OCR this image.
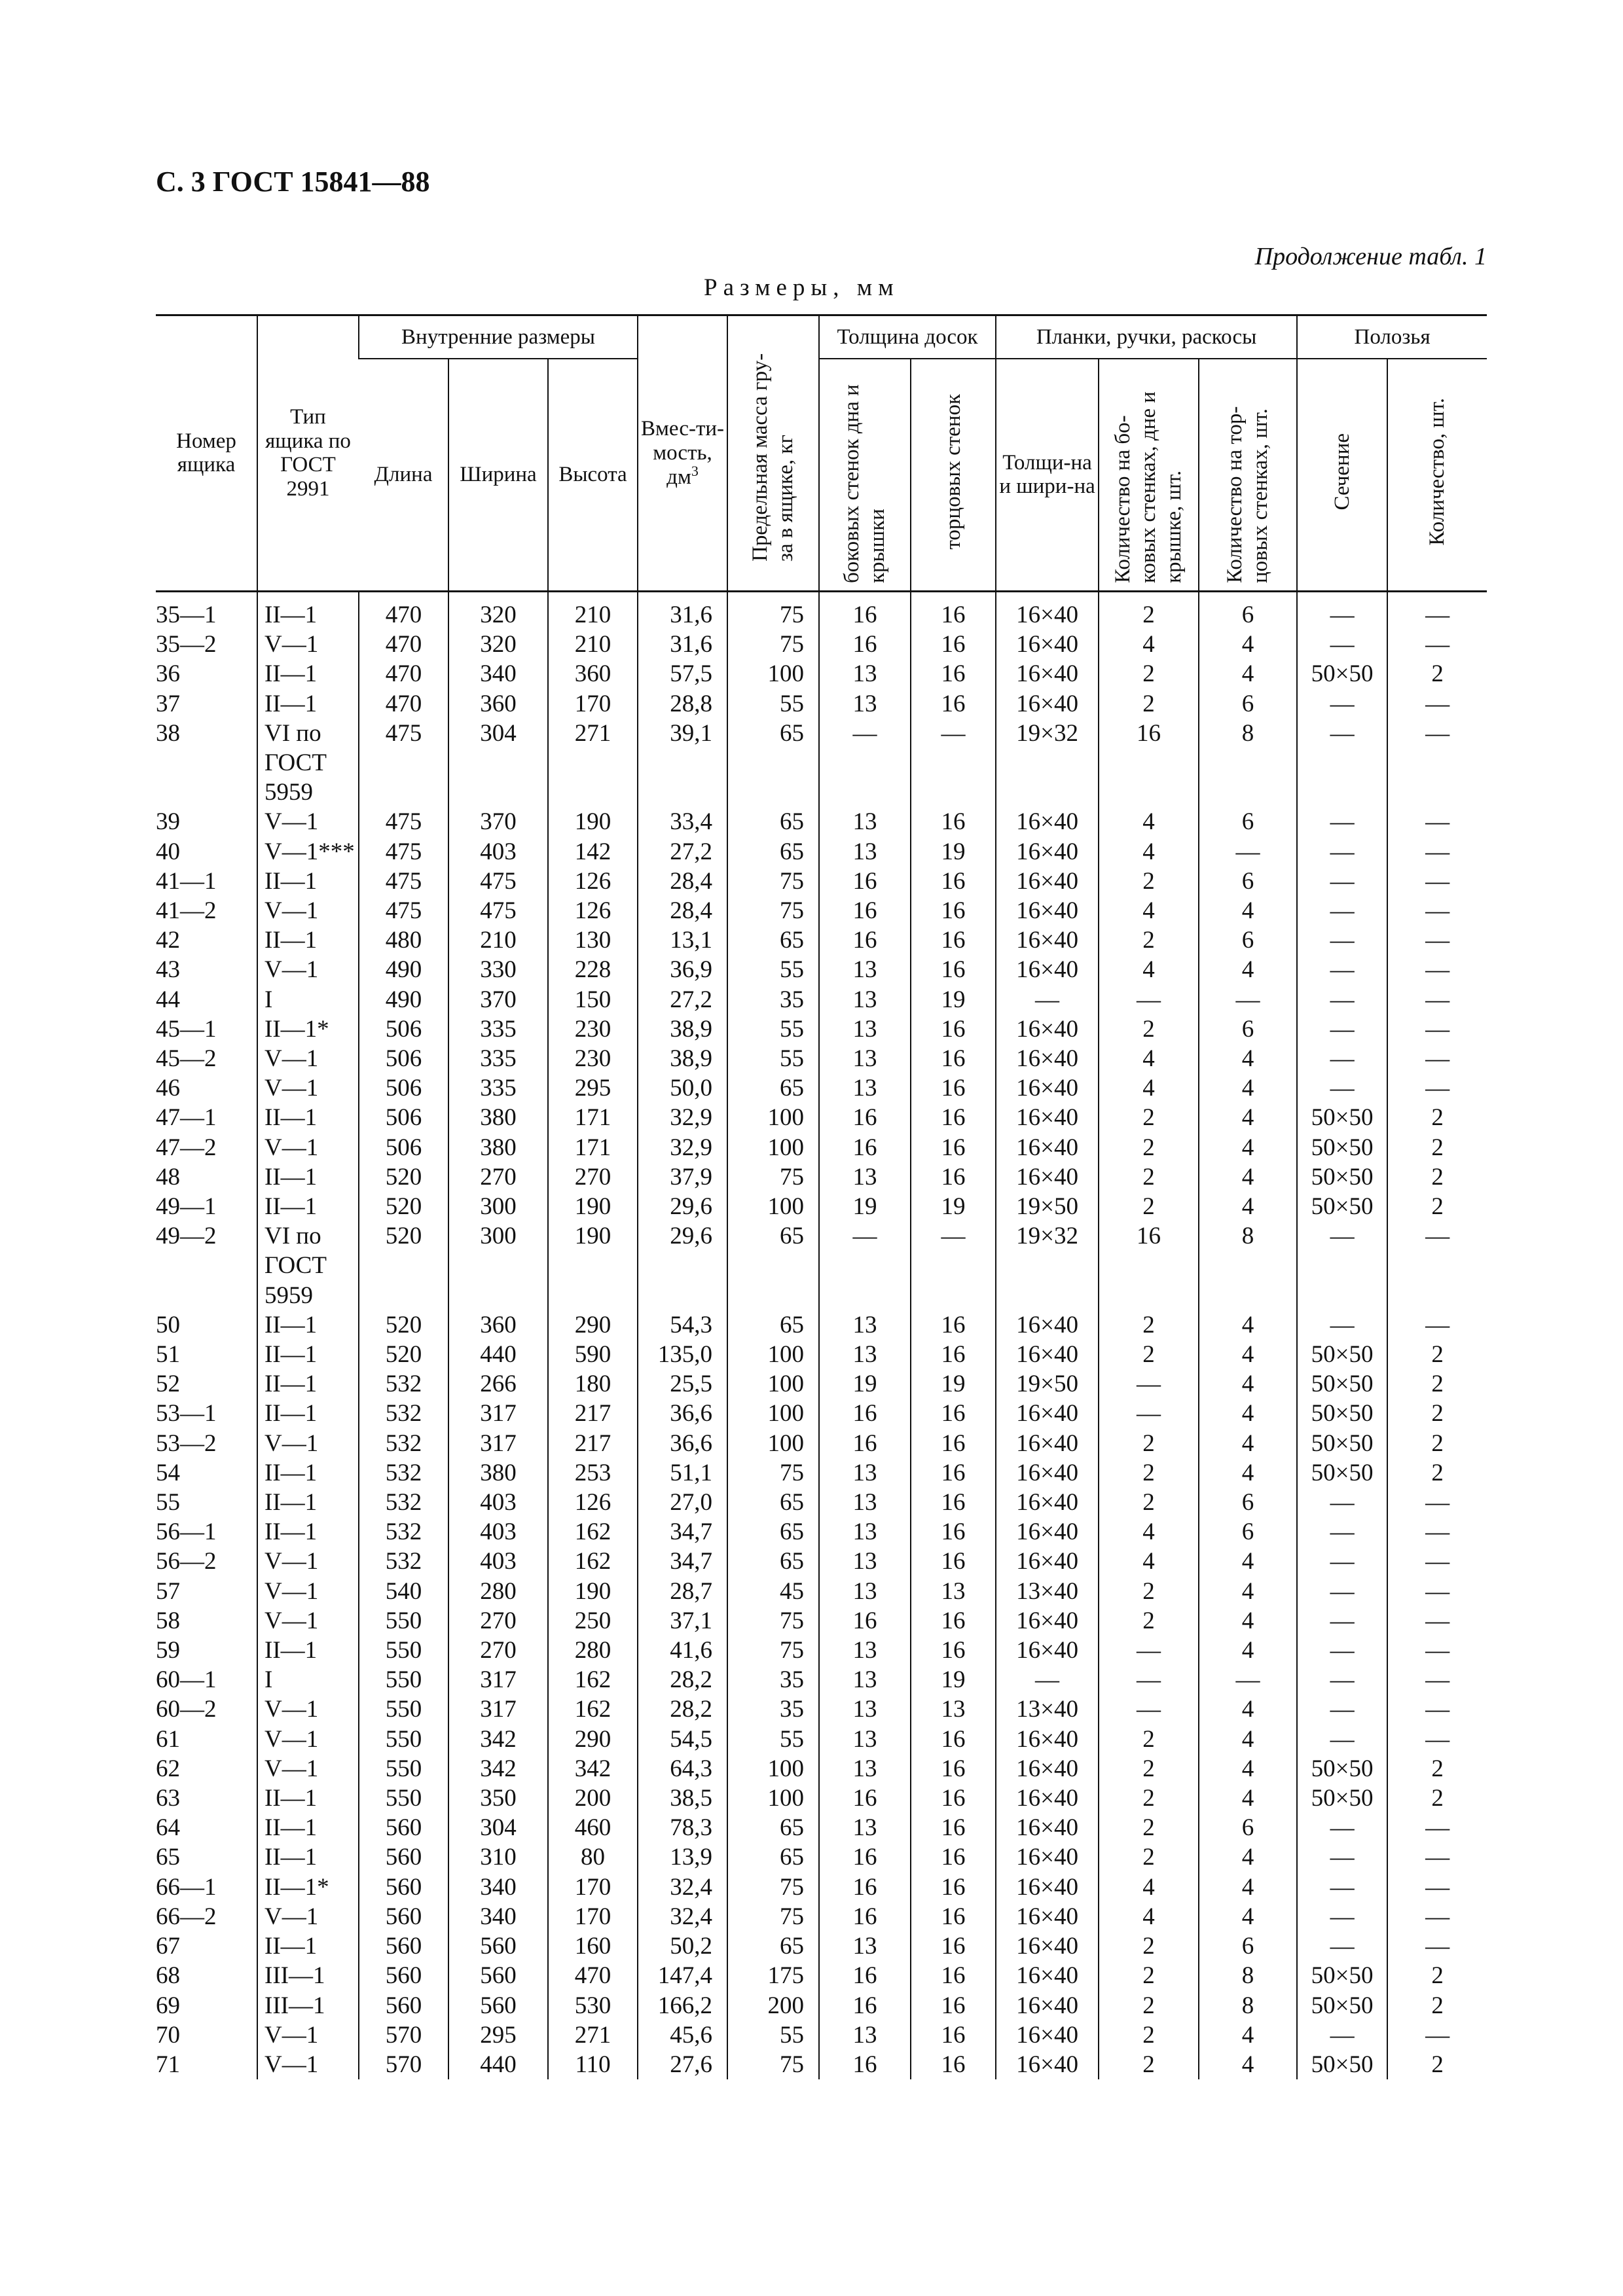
С. 3 ГОСТ 15841—88
Продолжение табл. 1
Размеры, мм
Номер ящика	Тип ящика по ГОСТ 2991	Внутренние размеры			Вмес-ти-мость, $дм^3$	Предельная масса гру-за в ящике, кг	Толщина досок		Планки, ручки, раскосы			Полозья	
		Длина	Ширина	Высота			боковых стенок дна и крышки	торцовых стенок	Толщи-на и шири-на	Количество на бо-ковых стенках, дне и крышке, шт.	Количество на тор-цовых стенках, шт.	Сечение	Количество, шт.
35—1	II—1	470	320	210	31,6	75	16	16	16×40	2	6	—	—
35—2	V—1	470	320	210	31,6	75	16	16	16×40	4	4	—	—
36	II—1	470	340	360	57,5	100	13	16	16×40	2	4	50×50	2
37	II—1	470	360	170	28,8	55	13	16	16×40	2	6	—	—
38	VI по
ГОСТ
5959	475	304	271	39,1	65	—	—	19×32	16	8	—	—
39	V—1	475	370	190	33,4	65	13	16	16×40	4	6	—	—
40	V—1***	475	403	142	27,2	65	13	19	16×40	4	—	—	—
41—1	II—1	475	475	126	28,4	75	16	16	16×40	2	6	—	—
41—2	V—1	475	475	126	28,4	75	16	16	16×40	4	4	—	—
42	II—1	480	210	130	13,1	65	16	16	16×40	2	6	—	—
43	V—1	490	330	228	36,9	55	13	16	16×40	4	4	—	—
44	I	490	370	150	27,2	35	13	19	—	—	—	—	—
45—1	II—1*	506	335	230	38,9	55	13	16	16×40	2	6	—	—
45—2	V—1	506	335	230	38,9	55	13	16	16×40	4	4	—	—
46	V—1	506	335	295	50,0	65	13	16	16×40	4	4	—	—
47—1	II—1	506	380	171	32,9	100	16	16	16×40	2	4	50×50	2
47—2	V—1	506	380	171	32,9	100	16	16	16×40	2	4	50×50	2
48	II—1	520	270	270	37,9	75	13	16	16×40	2	4	50×50	2
49—1	II—1	520	300	190	29,6	100	19	19	19×50	2	4	50×50	2
49—2	VI по
ГОСТ
5959	520	300	190	29,6	65	—	—	19×32	16	8	—	—
50	II—1	520	360	290	54,3	65	13	16	16×40	2	4	—	—
51	II—1	520	440	590	135,0	100	13	16	16×40	2	4	50×50	2
52	II—1	532	266	180	25,5	100	19	19	19×50	—	4	50×50	2
53—1	II—1	532	317	217	36,6	100	16	16	16×40	—	4	50×50	2
53—2	V—1	532	317	217	36,6	100	16	16	16×40	2	4	50×50	2
54	II—1	532	380	253	51,1	75	13	16	16×40	2	4	50×50	2
55	II—1	532	403	126	27,0	65	13	16	16×40	2	6	—	—
56—1	II—1	532	403	162	34,7	65	13	16	16×40	4	6	—	—
56—2	V—1	532	403	162	34,7	65	13	16	16×40	4	4	—	—
57	V—1	540	280	190	28,7	45	13	13	13×40	2	4	—	—
58	V—1	550	270	250	37,1	75	16	16	16×40	2	4	—	—
59	II—1	550	270	280	41,6	75	13	16	16×40	—	4	—	—
60—1	I	550	317	162	28,2	35	13	19	—	—	—	—	—
60—2	V—1	550	317	162	28,2	35	13	13	13×40	—	4	—	—
61	V—1	550	342	290	54,5	55	13	16	16×40	2	4	—	—
62	V—1	550	342	342	64,3	100	13	16	16×40	2	4	50×50	2
63	II—1	550	350	200	38,5	100	16	16	16×40	2	4	50×50	2
64	II—1	560	304	460	78,3	65	13	16	16×40	2	6	—	—
65	II—1	560	310	80	13,9	65	16	16	16×40	2	4	—	—
66—1	II—1*	560	340	170	32,4	75	16	16	16×40	4	4	—	—
66—2	V—1	560	340	170	32,4	75	16	16	16×40	4	4	—	—
67	II—1	560	560	160	50,2	65	13	16	16×40	2	6	—	—
68	III—1	560	560	470	147,4	175	16	16	16×40	2	8	50×50	2
69	III—1	560	560	530	166,2	200	16	16	16×40	2	8	50×50	2
70	V—1	570	295	271	45,6	55	13	16	16×40	2	4	—	—
71	V—1	570	440	110	27,6	75	16	16	16×40	2	4	50×50	2
